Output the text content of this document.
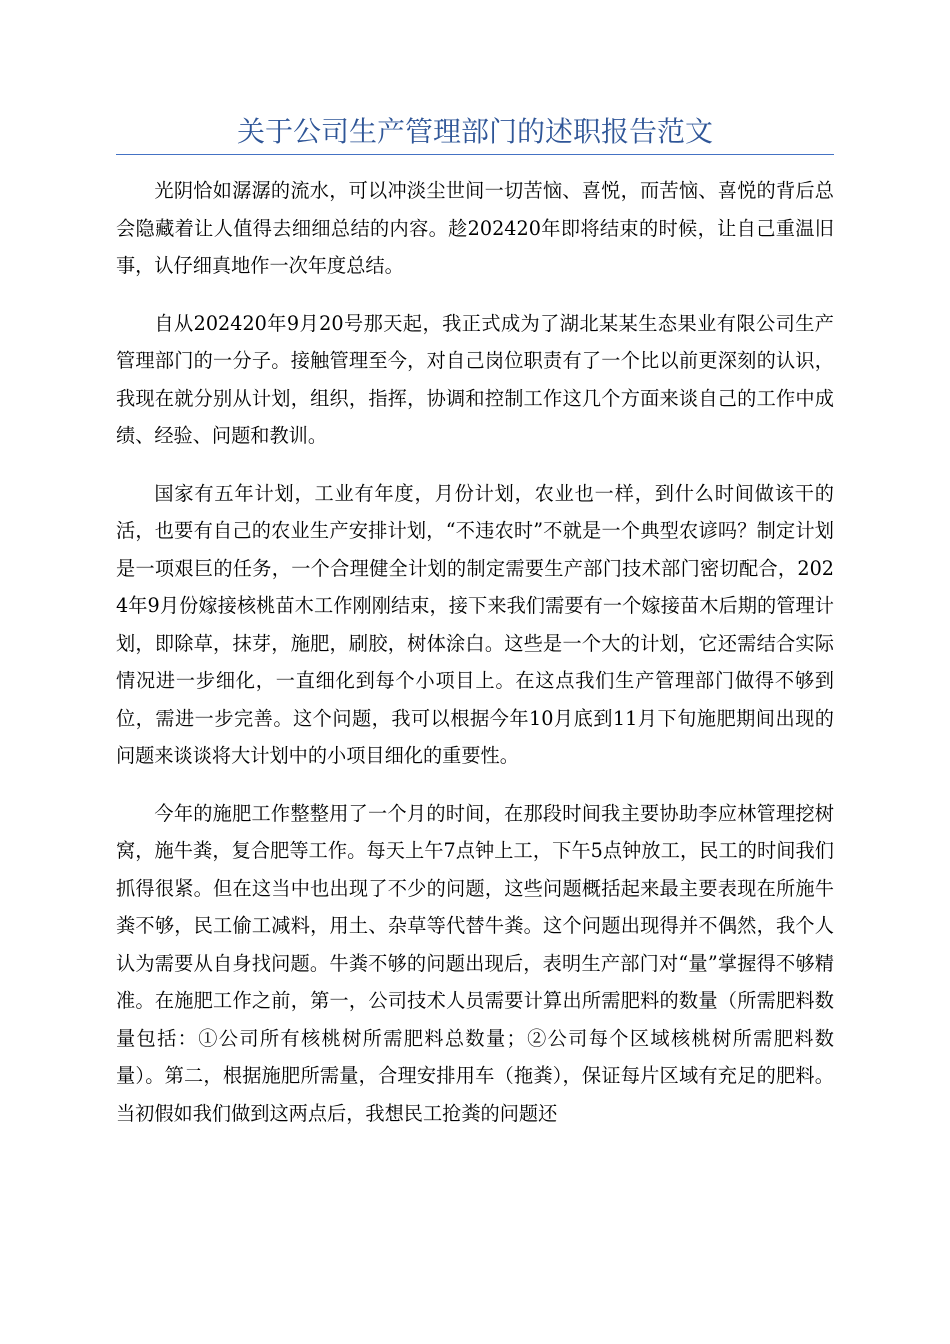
关于公司生产管理部门的述职报告范文

光阴恰如潺潺的流水，可以冲淡尘世间一切苦恼、喜悦，而苦恼、喜悦的背后总会隐藏着让人值得去细细总结的内容。趁202420年即将结束的时候，让自己重温旧事，认仔细真地作一次年度总结。

自从202420年9月20号那天起，我正式成为了湖北某某生态果业有限公司生产管理部门的一分子。接触管理至今，对自己岗位职责有了一个比以前更深刻的认识，我现在就分别从计划，组织，指挥，协调和控制工作这几个方面来谈自己的工作中成绩、经验、问题和教训。

国家有五年计划，工业有年度，月份计划，农业也一样，到什么时间做该干的活，也要有自己的农业生产安排计划，“不违农时”不就是一个典型农谚吗？制定计划是一项艰巨的任务，一个合理健全计划的制定需要生产部门技术部门密切配合，2024年9月份嫁接核桃苗木工作刚刚结束，接下来我们需要有一个嫁接苗木后期的管理计划，即除草，抹芽，施肥，刷胶，树体涂白。这些是一个大的计划，它还需结合实际情况进一步细化，一直细化到每个小项目上。在这点我们生产管理部门做得不够到位，需进一步完善。这个问题，我可以根据今年10月底到11月下旬施肥期间出现的问题来谈谈将大计划中的小项目细化的重要性。

今年的施肥工作整整用了一个月的时间，在那段时间我主要协助李应林管理挖树窝，施牛粪，复合肥等工作。每天上午7点钟上工，下午5点钟放工，民工的时间我们抓得很紧。但在这当中也出现了不少的问题，这些问题概括起来最主要表现在所施牛粪不够，民工偷工减料，用土、杂草等代替牛粪。这个问题出现得并不偶然，我个人认为需要从自身找问题。牛粪不够的问题出现后，表明生产部门对“量”掌握得不够精准。在施肥工作之前，第一，公司技术人员需要计算出所需肥料的数量（所需肥料数量包括：①公司所有核桃树所需肥料总数量；②公司每个区域核桃树所需肥料数量）。第二，根据施肥所需量，合理安排用车（拖粪），保证每片区域有充足的肥料。当初假如我们做到这两点后，我想民工抢粪的问题还
